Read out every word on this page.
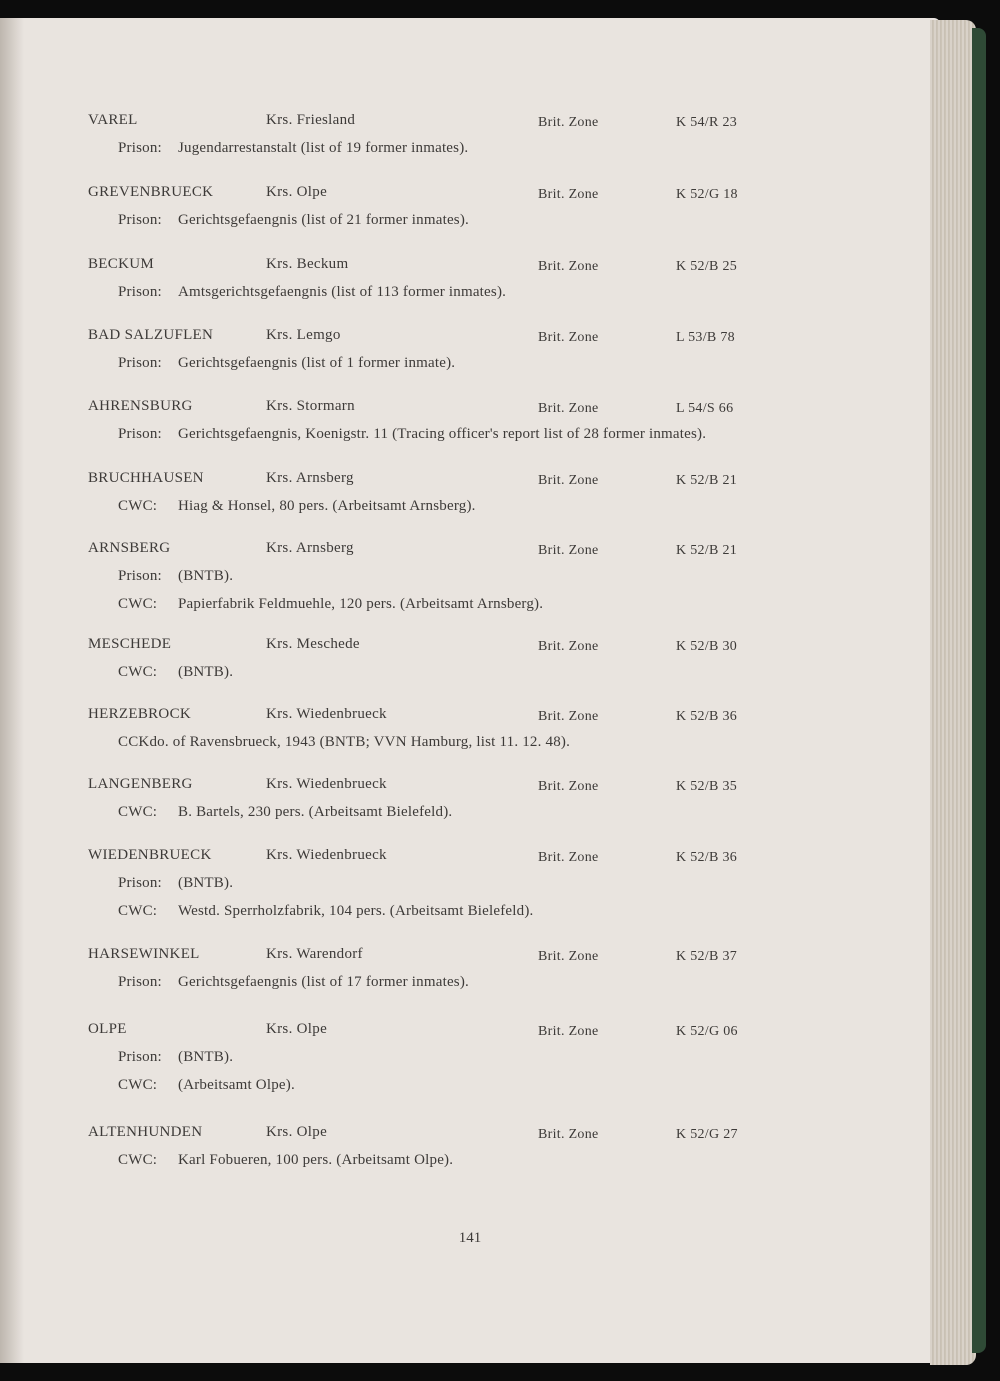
VAREL	Krs. Friesland	Brit. Zone	K 54/R 23
Prison: Jugendarrestanstalt (list of 19 former inmates).
GREVENBRUECK	Krs. Olpe	Brit. Zone	K 52/G 18
Prison: Gerichtsgefaengnis (list of 21 former inmates).
BECKUM	Krs. Beckum	Brit. Zone	K 52/B 25
Prison: Amtsgerichtsgefaengnis (list of 113 former inmates).
BAD SALZUFLEN	Krs. Lemgo	Brit. Zone	L 53/B 78
Prison: Gerichtsgefaengnis (list of 1 former inmate).
AHRENSBURG	Krs. Stormarn	Brit. Zone	L 54/S 66
Prison: Gerichtsgefaengnis, Koenigstr. 11 (Tracing officer's report list of 28 former inmates).
BRUCHHAUSEN	Krs. Arnsberg	Brit. Zone	K 52/B 21
CWC: Hiag & Honsel, 80 pers. (Arbeitsamt Arnsberg).
ARNSBERG	Krs. Arnsberg	Brit. Zone	K 52/B 21
Prison: (BNTB).
CWC: Papierfabrik Feldmuehle, 120 pers. (Arbeitsamt Arnsberg).
MESCHEDE	Krs. Meschede	Brit. Zone	K 52/B 30
CWC: (BNTB).
HERZEBROCK	Krs. Wiedenbrueck	Brit. Zone	K 52/B 36
CCKdo. of Ravensbrueck, 1943 (BNTB; VVN Hamburg, list 11. 12. 48).
LANGENBERG	Krs. Wiedenbrueck	Brit. Zone	K 52/B 35
CWC: B. Bartels, 230 pers. (Arbeitsamt Bielefeld).
WIEDENBRUECK	Krs. Wiedenbrueck	Brit. Zone	K 52/B 36
Prison: (BNTB).
CWC: Westd. Sperrholzfabrik, 104 pers. (Arbeitsamt Bielefeld).
HARSEWINKEL	Krs. Warendorf	Brit. Zone	K 52/B 37
Prison: Gerichtsgefaengnis (list of 17 former inmates).
OLPE	Krs. Olpe	Brit. Zone	K 52/G 06
Prison: (BNTB).
CWC: (Arbeitsamt Olpe).
ALTENHUNDEN	Krs. Olpe	Brit. Zone	K 52/G 27
CWC: Karl Fobueren, 100 pers. (Arbeitsamt Olpe).
141
